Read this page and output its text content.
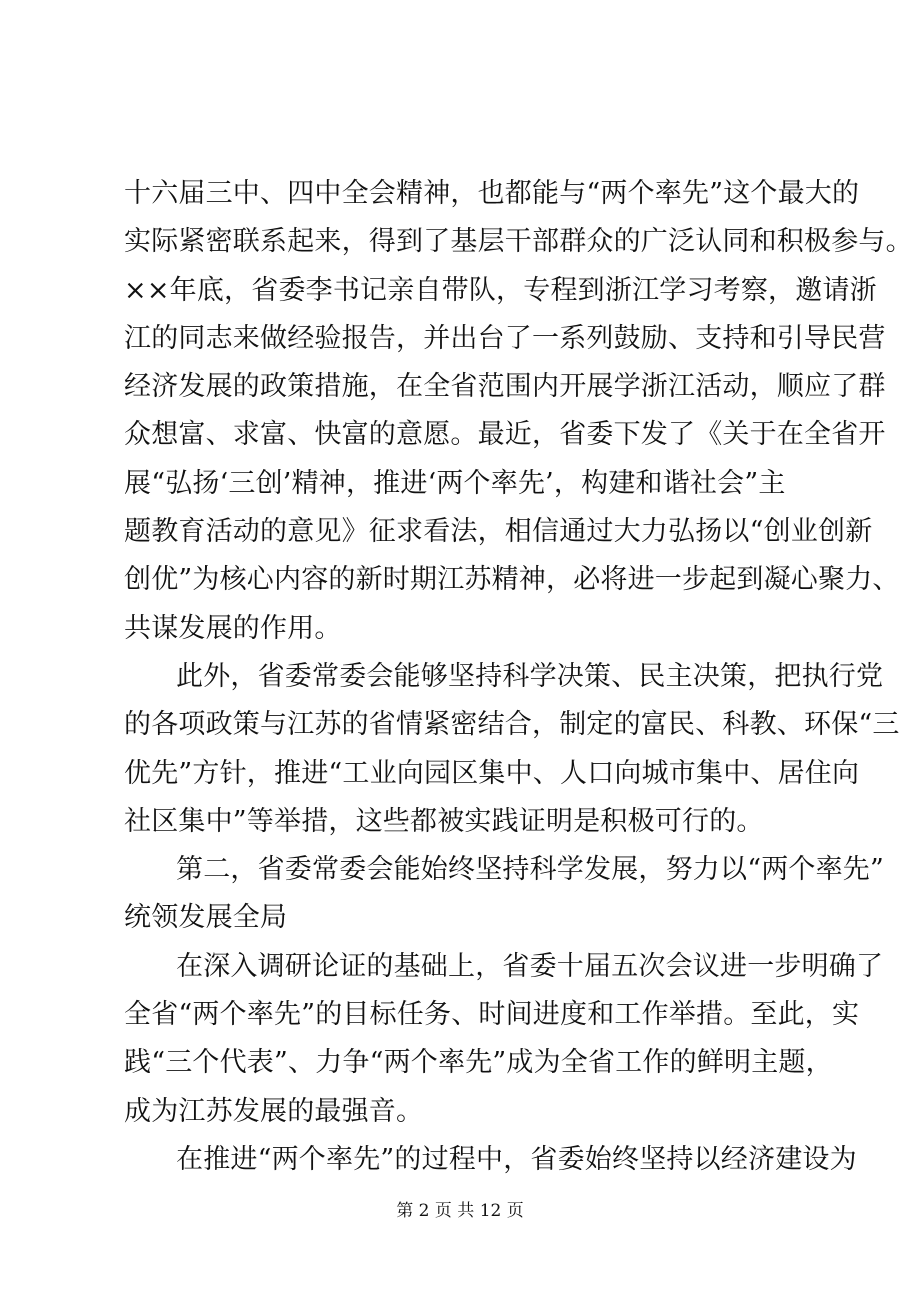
十六届三中、四中全会精神，也都能与“两个率先”这个最大的
实际紧密联系起来，得到了基层干部群众的广泛认同和积极参与。
××年底，省委李书记亲自带队，专程到浙江学习考察，邀请浙
江的同志来做经验报告，并出台了一系列鼓励、支持和引导民营
经济发展的政策措施，在全省范围内开展学浙江活动，顺应了群
众想富、求富、快富的意愿。最近，省委下发了《关于在全省开
展“弘扬‘三创’精神，推进‘两个率先’，构建和谐社会”主
题教育活动的意见》征求看法，相信通过大力弘扬以“创业创新
创优”为核心内容的新时期江苏精神，必将进一步起到凝心聚力、
共谋发展的作用。
此外，省委常委会能够坚持科学决策、民主决策，把执行党
的各项政策与江苏的省情紧密结合，制定的富民、科教、环保“三
优先”方针，推进“工业向园区集中、人口向城市集中、居住向
社区集中”等举措，这些都被实践证明是积极可行的。
第二，省委常委会能始终坚持科学发展，努力以“两个率先”
统领发展全局
在深入调研论证的基础上，省委十届五次会议进一步明确了
全省“两个率先”的目标任务、时间进度和工作举措。至此，实
践“三个代表”、力争“两个率先”成为全省工作的鲜明主题，
成为江苏发展的最强音。
在推进“两个率先”的过程中，省委始终坚持以经济建设为
第 2 页 共 12 页
